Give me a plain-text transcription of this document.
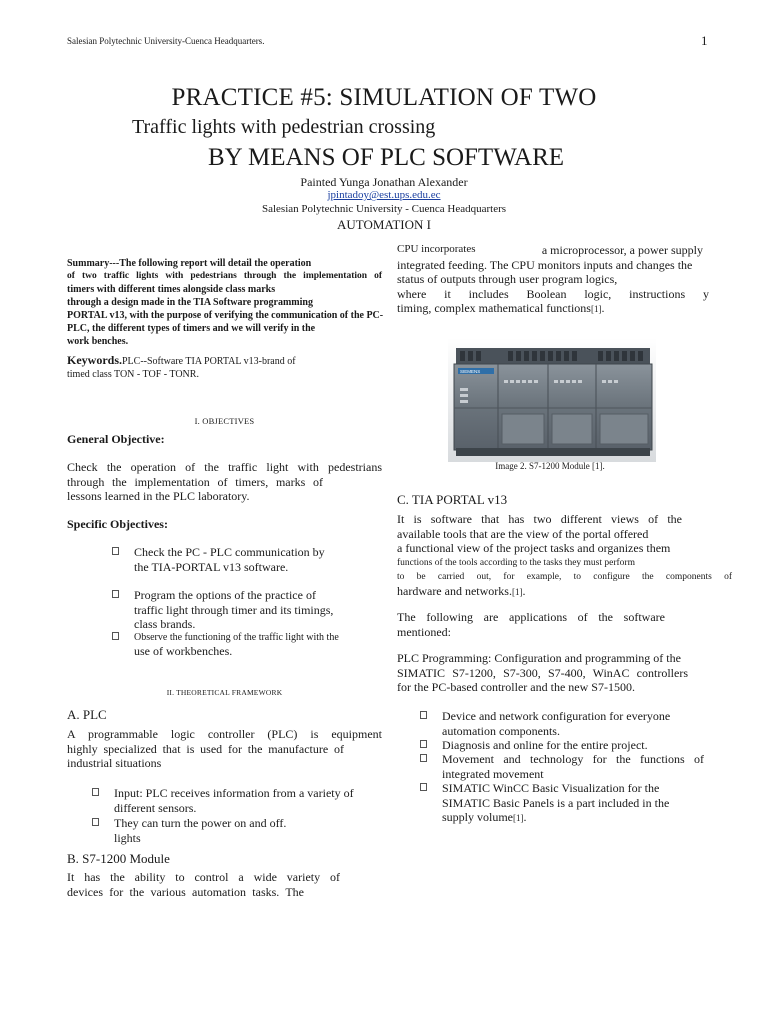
Salesian Polytechnic University-Cuenca Headquarters.	1
PRACTICE #5: SIMULATION OF TWO
Traffic lights with pedestrian crossing
BY MEANS OF PLC SOFTWARE
Painted Yunga Jonathan Alexander
jpintadoy@est.ups.edu.ec
Salesian Polytechnic University - Cuenca Headquarters
AUTOMATION I
Summary---The following report will detail the operation
of two traffic lights with pedestrians through the implementation of
timers with different times alongside class marks
through a design made in the TIA Software programming
PORTAL v13, with the purpose of verifying the communication of the PC-
PLC, the different types of timers and we will verify in the
work benches.
Keywords.PLC--Software TIA PORTAL v13-brand of
timed class TON - TOF - TONR.
I. OBJECTIVES
General Objective:
Check the operation of the traffic light with pedestrians
through the implementation of timers, marks of
lessons learned in the PLC laboratory.
Specific Objectives:
Check the PC - PLC communication by
the TIA-PORTAL v13 software.
Program the options of the practice of
traffic light through timer and its timings,
class brands.
Observe the functioning of the traffic light with the
use of workbenches.
II. THEORETICAL FRAMEWORK
A. PLC
A programmable logic controller (PLC) is equipment
highly specialized that is used for the manufacture of
industrial situations
Input: PLC receives information from a variety of
different sensors.
They can turn the power on and off.
lights
B. S7-1200 Module
It has the ability to control a wide variety of
devices for the various automation tasks. The
CPU incorporates	a microprocessor, a power supply
integrated feeding. The CPU monitors inputs and changes the
status of outputs through user program logics,
where it includes Boolean logic, instructions y
timing, complex mathematical functions[1].
SIEMENS
Image 2. S7-1200 Module [1].
C. TIA PORTAL v13
It is software that has two different views of the
available tools that are the view of the portal offered
a functional view of the project tasks and organizes them
functions of the tools according to the tasks they must perform
to be carried out, for example, to configure the components of
hardware and networks.[1].
The following are applications of the software
mentioned:
PLC Programming: Configuration and programming of the
SIMATIC S7-1200, S7-300, S7-400, WinAC controllers
for the PC-based controller and the new S7-1500.
Device and network configuration for everyone
automation components.
Diagnosis and online for the entire project.
Movement and technology for the functions of
integrated movement
SIMATIC WinCC Basic Visualization for the
SIMATIC Basic Panels is a part included in the
supply volume[1].
